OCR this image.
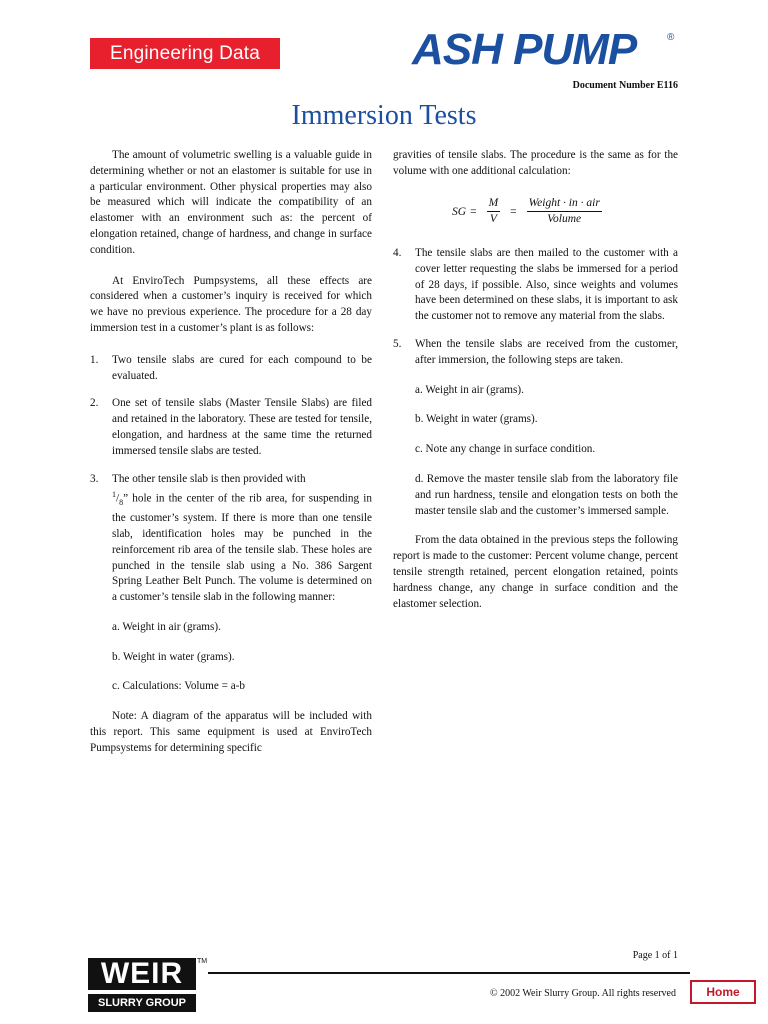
Engineering Data	ASH PUMP	®
Document Number E116
Immersion Tests

The amount of volumetric swelling is a valuable guide in determining whether or not an elastomer is suitable for use in a particular environment. Other physical properties may also be measured which will indicate the compatibility of an elastomer with an environment such as: the percent of elongation retained, change of hardness, and change in surface condition.

At EnviroTech Pumpsystems, all these effects are considered when a customer’s inquiry is received for which we have no previous experience. The procedure for a 28 day immersion test in a customer’s plant is as follows:

1.	Two tensile slabs are cured for each compound to be evaluated.
2.	One set of tensile slabs (Master Tensile Slabs) are filed and retained in the laboratory. These are tested for tensile, elongation, and hardness at the same time the returned immersed tensile slabs are tested.
3.	The other tensile slab is then provided with
$^1/_8$” hole in the center of the rib area, for suspending in the customer’s system. If there is more than one tensile slab, identification holes may be punched in the reinforcement rib area of the tensile slab. These holes are punched in the tensile slab using a No. 386 Sargent Spring Leather Belt Punch. The volume is determined on a customer’s tensile slab in the following manner:
a. Weight in air (grams).
b. Weight in water (grams).
c. Calculations: Volume = a-b

Note: A diagram of the apparatus will be included with this report. This same equipment is used at EnviroTech Pumpsystems for determining specific

gravities of tensile slabs. The procedure is the same as for the volume with one additional calculation:

SG = $\frac{M}{V} = \frac{\text{Weight · in · air}}{\text{Volume}}$
4.	The tensile slabs are then mailed to the customer with a cover letter requesting the slabs be immersed for a period of 28 days, if possible. Also, since weights and volumes have been determined on these slabs, it is important to ask the customer not to remove any material from the slabs.
5.	When the tensile slabs are received from the customer, after immersion, the following steps are taken.
a. Weight in air (grams).
b. Weight in water (grams).
c. Note any change in surface condition.
d. Remove the master tensile slab from the laboratory file and run hardness, tensile and elongation tests on both the master tensile slab and the customer’s immersed sample.

From the data obtained in the previous steps the following report is made to the customer: Percent volume change, percent tensile strength retained, percent elongation retained, points hardness change, any change in surface condition and the elastomer selection.

Page 1 of 1
© 2002 Weir Slurry Group. All rights reserved	Home
WEIR
SLURRY GROUP
TM
